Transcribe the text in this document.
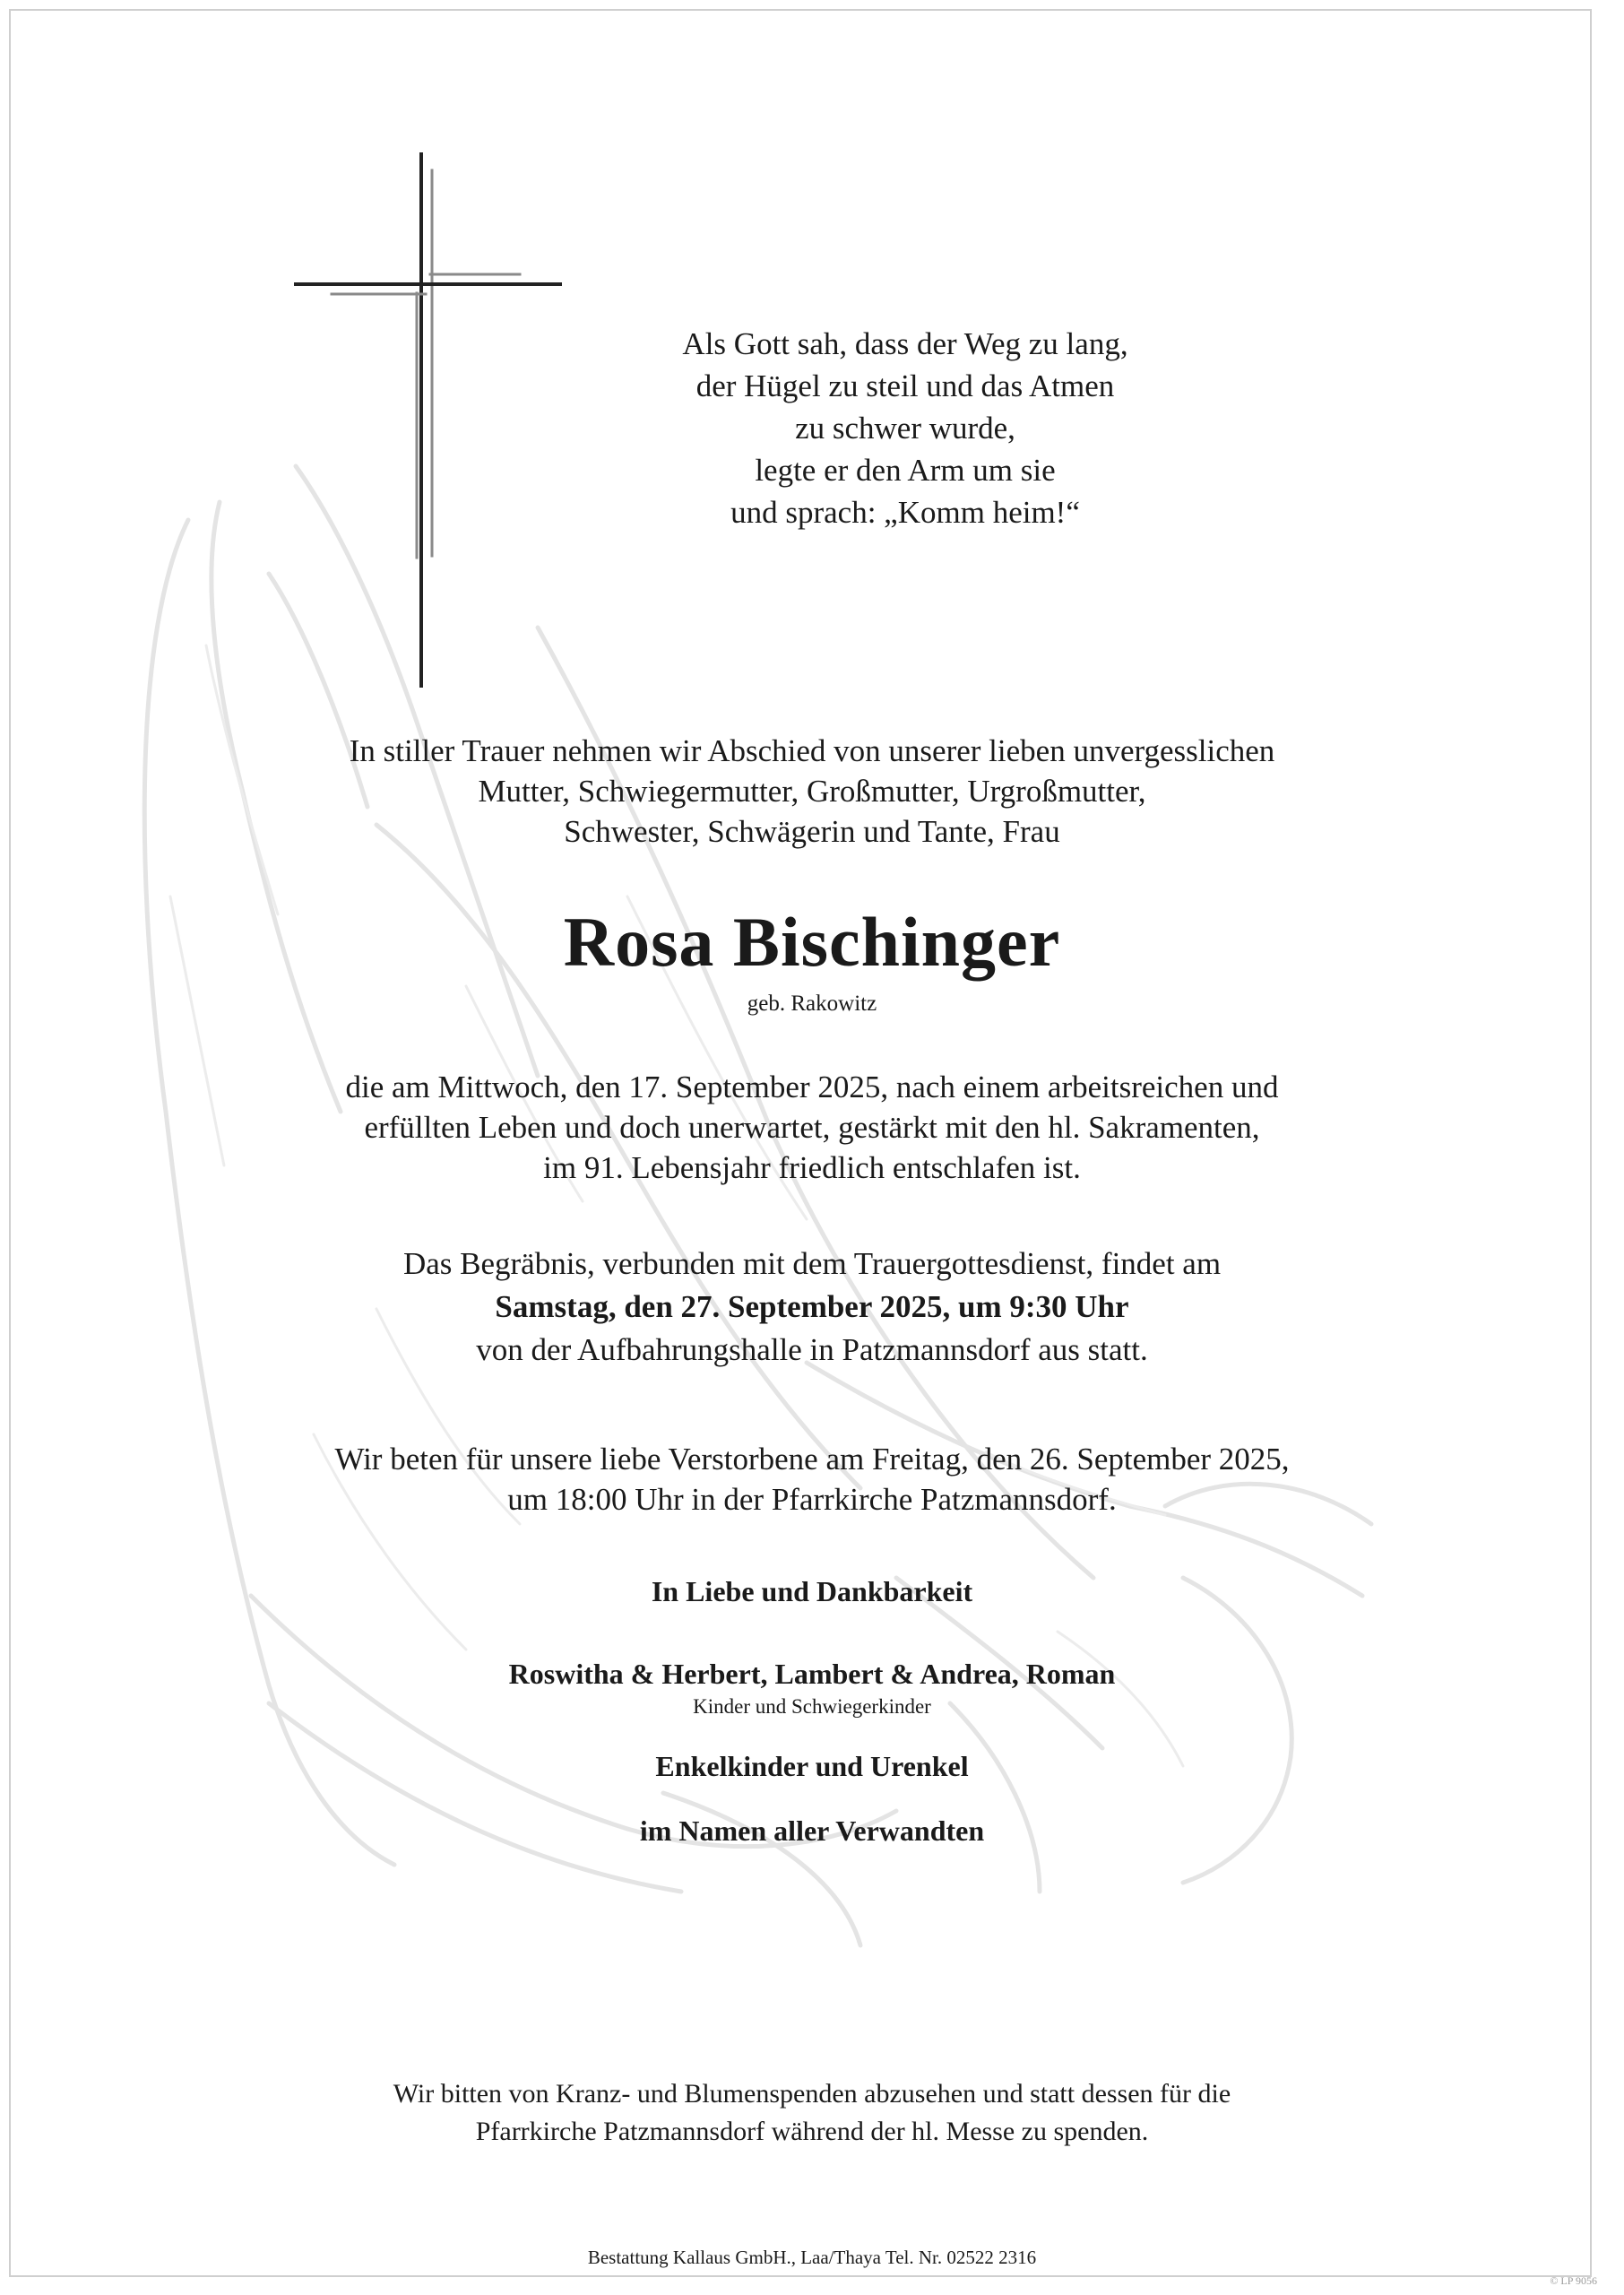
Als Gott sah, dass der Weg zu lang,
der Hügel zu steil und das Atmen
zu schwer wurde,
legte er den Arm um sie
und sprach: „Komm heim!“

In stiller Trauer nehmen wir Abschied von unserer lieben unvergesslichen
Mutter, Schwiegermutter, Großmutter, Urgroßmutter,
Schwester, Schwägerin und Tante, Frau

Rosa Bischinger

geb. Rakowitz

die am Mittwoch, den 17. September 2025, nach einem arbeitsreichen und
erfüllten Leben und doch unerwartet, gestärkt mit den hl. Sakramenten,
im 91. Lebensjahr friedlich entschlafen ist.

Das Begräbnis, verbunden mit dem Trauergottesdienst, findet am
Samstag, den 27. September 2025, um 9:30 Uhr
von der Aufbahrungshalle in Patzmannsdorf aus statt.

Wir beten für unsere liebe Verstorbene am Freitag, den 26. September 2025,
um 18:00 Uhr in der Pfarrkirche Patzmannsdorf.

In Liebe und Dankbarkeit

Roswitha & Herbert, Lambert & Andrea, Roman

Kinder und Schwiegerkinder

Enkelkinder und Urenkel

im Namen aller Verwandten

Wir bitten von Kranz- und Blumenspenden abzusehen und statt dessen für die
Pfarrkirche Patzmannsdorf während der hl. Messe zu spenden.

Bestattung Kallaus GmbH., Laa/Thaya Tel. Nr. 02522 2316

© LP 9056
